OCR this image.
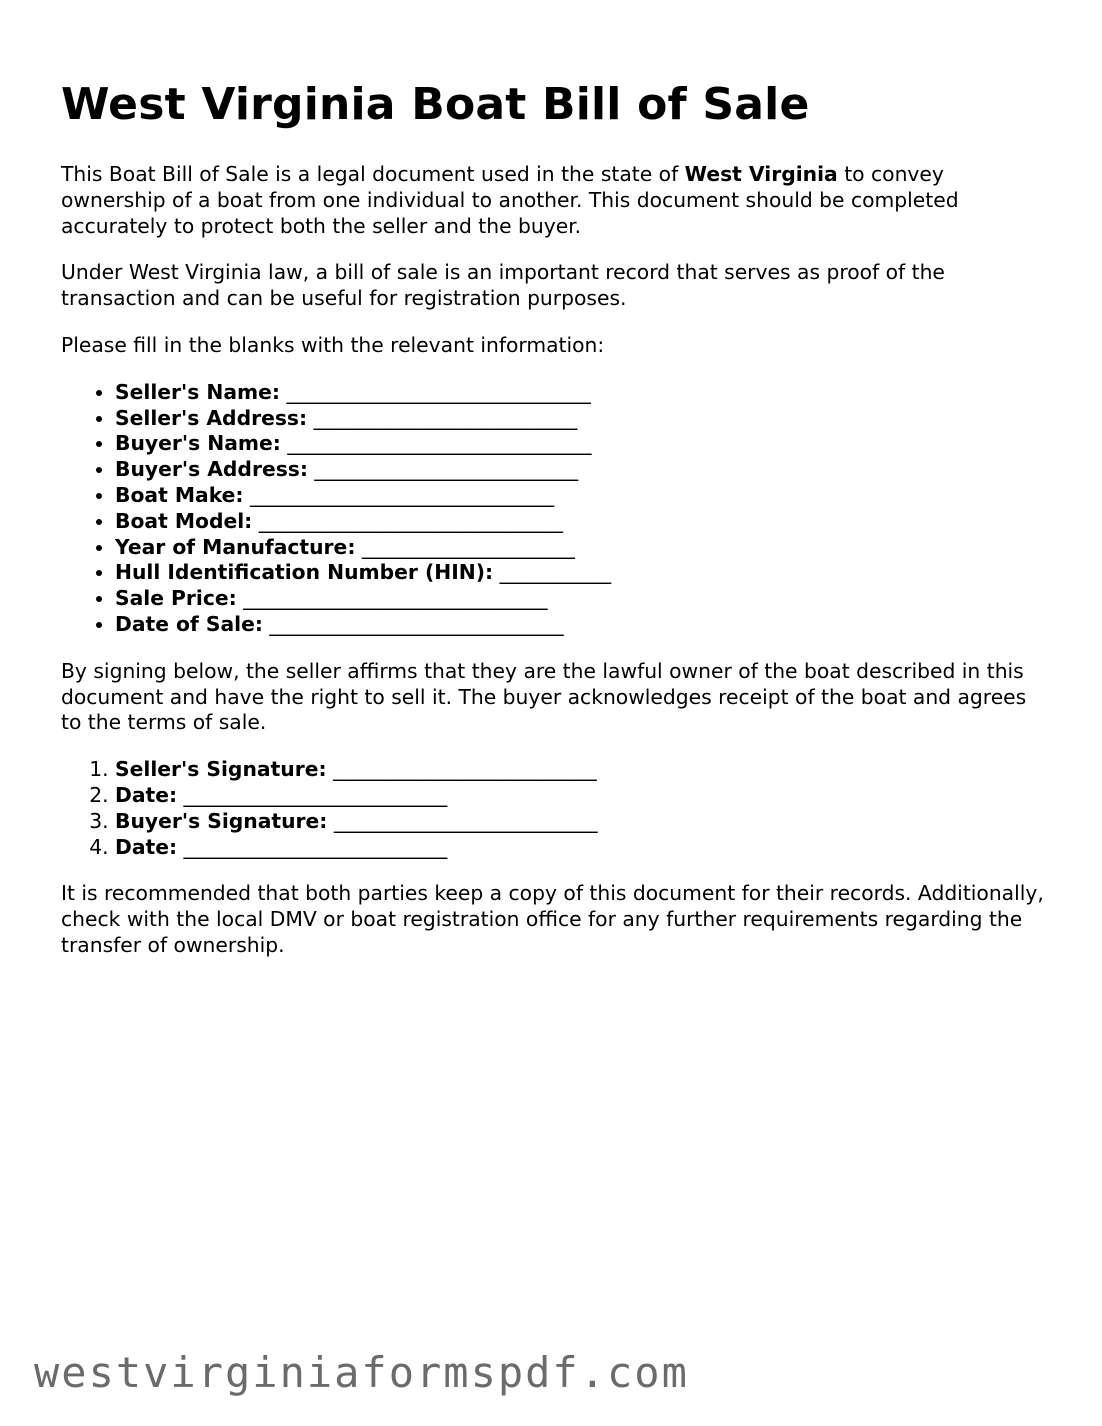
West Virginia Boat Bill of Sale

This Boat Bill of Sale is a legal document used in the state of West Virginia to convey ownership of a boat from one individual to another. This document should be completed accurately to protect both the seller and the buyer.

Under West Virginia law, a bill of sale is an important record that serves as proof of the transaction and can be useful for registration purposes.

Please fill in the blanks with the relevant information:

• Seller's Name: ______________________________
• Seller's Address: __________________________
• Buyer's Name: ______________________________
• Buyer's Address: __________________________
• Boat Make: ______________________________
• Boat Model: ______________________________
• Year of Manufacture: _____________________
• Hull Identification Number (HIN): ___________
• Sale Price: ______________________________
• Date of Sale: _____________________________

By signing below, the seller affirms that they are the lawful owner of the boat described in this document and have the right to sell it. The buyer acknowledges receipt of the boat and agrees to the terms of sale.

1. Seller's Signature: __________________________
2. Date: __________________________
3. Buyer's Signature: __________________________
4. Date: __________________________

It is recommended that both parties keep a copy of this document for their records. Additionally, check with the local DMV or boat registration office for any further requirements regarding the transfer of ownership.

westvirginiaformspdf.com
